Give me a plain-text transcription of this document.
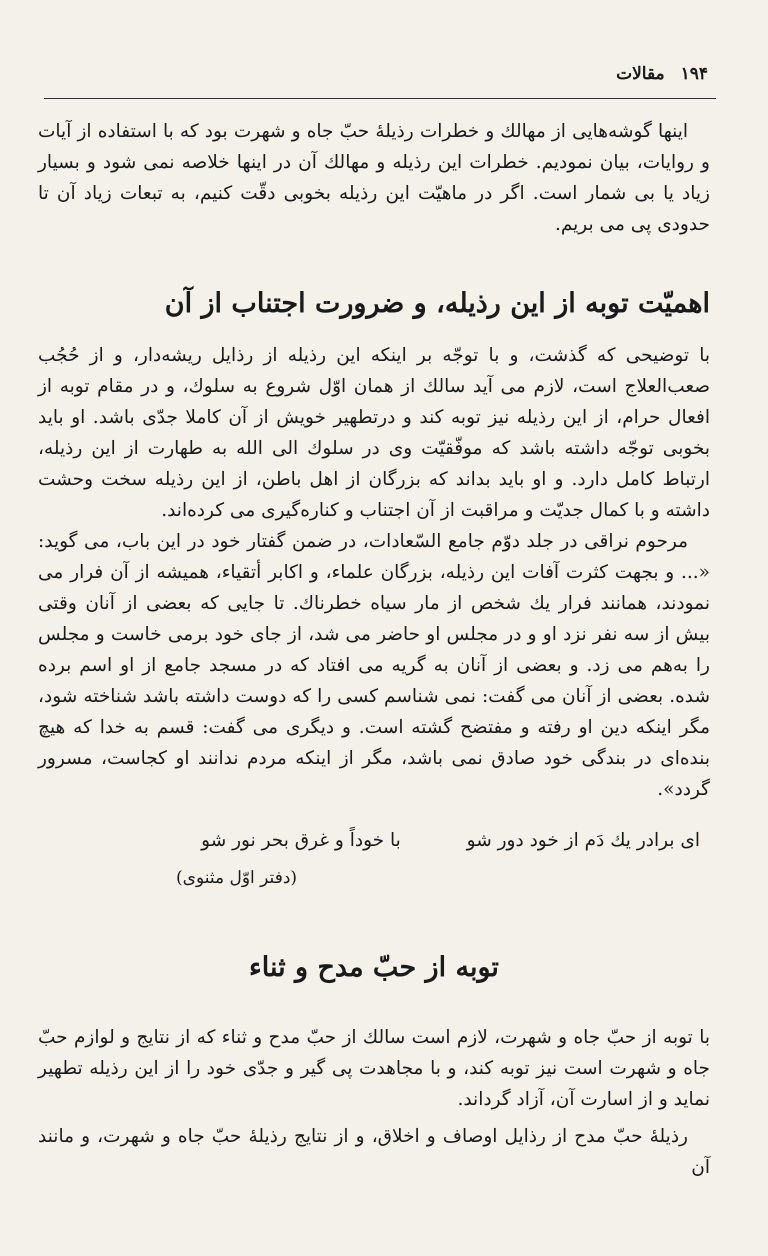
۱۹۴ مقالات

اینها گوشه‌هایی از مهالك و خطرات رذیلهٔ حبّ جاه و شهرت بود که با استفاده از آیات و روایات، بیان نمودیم. خطرات این رذیله و مهالك آن در اینها خلاصه نمی شود و بسیار زیاد یا بی شمار است. اگر در ماهیّت این رذیله بخوبی دقّت کنیم، به تبعات زیاد آن تا حدودی پی می بریم.

اهمیّت توبه از این رذیله، و ضرورت اجتناب از آن

با توضیحی که گذشت، و با توجّه بر اینکه این رذیله از رذایل ریشه‌دار، و از حُجُب صعب‌العلاج است، لازم می آید سالك از همان اوّل شروع به سلوك، و در مقام توبه از افعال حرام، از این رذیله نیز توبه کند و درتطهیر خویش از آن کاملا جدّی باشد. او باید بخوبی توجّه داشته باشد که موفّقیّت وی در سلوك الی الله به طهارت از این رذیله، ارتباط کامل دارد. و او باید بداند که بزرگان از اهل باطن، از این رذیله سخت وحشت داشته و با کمال جدیّت و مراقبت از آن اجتناب و کناره‌گیری می کرده‌اند.

مرحوم نراقی در جلد دوّم جامع السّعادات، در ضمن گفتار خود در این باب، می گوید: «... و بجهت کثرت آفات این رذیله، بزرگان علماء، و اکابر أتقیاء، همیشه از آن فرار می نمودند، همانند فرار یك شخص از مار سیاه خطرناك. تا جایی که بعضی از آنان وقتی بیش از سه نفر نزد او و در مجلس او حاضر می شد، از جای خود برمی خاست و مجلس را به‌هم می زد. و بعضی از آنان به گریه می افتاد که در مسجد جامع از او اسم برده شده. بعضی از آنان می گفت: نمی شناسم کسی را که دوست داشته باشد شناخته شود، مگر اینکه دین او رفته و مفتضح گشته است. و دیگری می گفت: قسم به خدا که هیچ بنده‌ای در بندگی خود صادق نمی باشد، مگر از اینکه مردم ندانند او کجاست، مسرور گردد».

ای برادر یك دَم از خود دور شو با خوداً و غرق بحر نور شو
(دفتر اوّل مثنوی)
توبه از حبّ مدح و ثناء

با توبه از حبّ جاه و شهرت، لازم است سالك از حبّ مدح و ثناء که از نتایج و لوازم حبّ جاه و شهرت است نیز توبه کند، و با مجاهدت پی گیر و جدّی خود را از این رذیله تطهیر نماید و از اسارت آن، آزاد گرداند.

رذیلهٔ حبّ مدح از رذایل اوصاف و اخلاق، و از نتایج رذیلهٔ حبّ جاه و شهرت، و مانند آن
